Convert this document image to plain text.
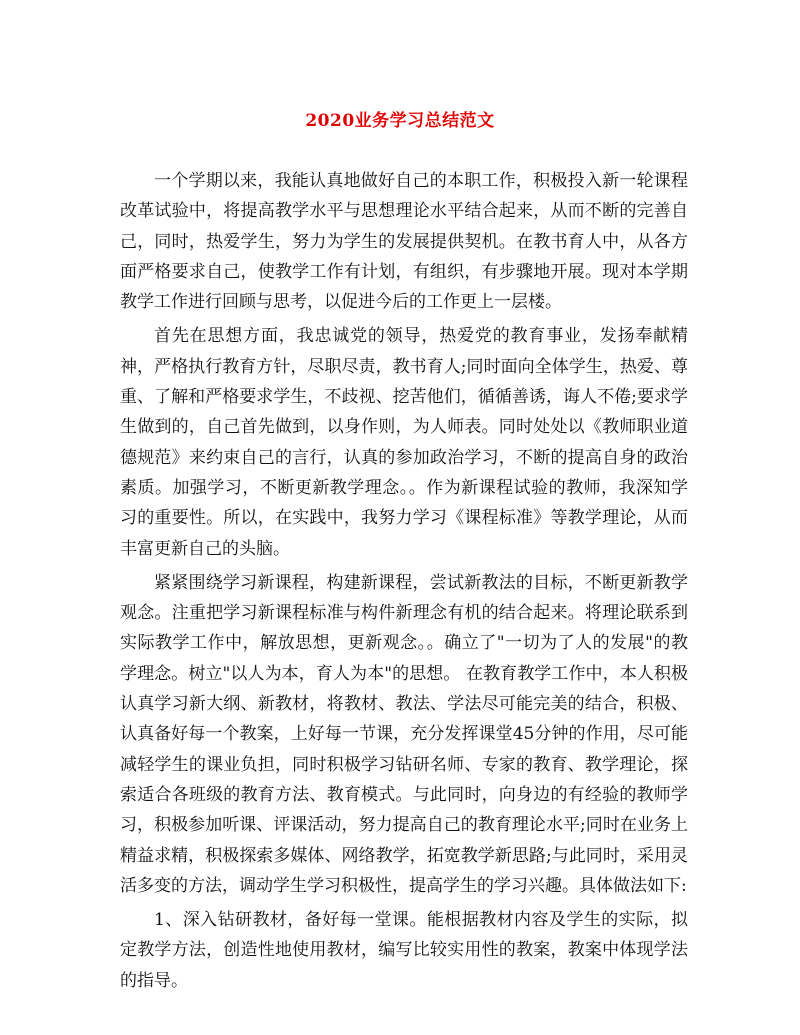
2020业务学习总结范文

一个学期以来，我能认真地做好自己的本职工作，积极投入新一轮课程改革试验中，将提高教学水平与思想理论水平结合起来，从而不断的完善自己，同时，热爱学生，努力为学生的发展提供契机。在教书育人中，从各方面严格要求自己，使教学工作有计划，有组织，有步骤地开展。现对本学期教学工作进行回顾与思考，以促进今后的工作更上一层楼。

首先在思想方面，我忠诚党的领导，热爱党的教育事业，发扬奉献精神，严格执行教育方针，尽职尽责，教书育人;同时面向全体学生，热爱、尊重、了解和严格要求学生，不歧视、挖苦他们，循循善诱，诲人不倦;要求学生做到的，自己首先做到，以身作则，为人师表。同时处处以《教师职业道德规范》来约束自己的言行，认真的参加政治学习，不断的提高自身的政治素质。加强学习，不断更新教学理念。。作为新课程试验的教师，我深知学习的重要性。所以，在实践中，我努力学习《课程标准》等教学理论，从而丰富更新自己的头脑。

紧紧围绕学习新课程，构建新课程，尝试新教法的目标，不断更新教学观念。注重把学习新课程标准与构件新理念有机的结合起来。将理论联系到实际教学工作中，解放思想，更新观念。。确立了"一切为了人的发展"的教学理念。树立"以人为本，育人为本"的思想。 在教育教学工作中，本人积极认真学习新大纲、新教材，将教材、教法、学法尽可能完美的结合，积极、认真备好每一个教案，上好每一节课，充分发挥课堂45分钟的作用，尽可能减轻学生的课业负担，同时积极学习钻研名师、专家的教育、教学理论，探索适合各班级的教育方法、教育模式。与此同时，向身边的有经验的教师学习，积极参加听课、评课活动，努力提高自己的教育理论水平;同时在业务上精益求精，积极探索多媒体、网络教学，拓宽教学新思路;与此同时，采用灵活多变的方法，调动学生学习积极性，提高学生的学习兴趣。具体做法如下:

1、深入钻研教材，备好每一堂课。能根据教材内容及学生的实际，拟定教学方法，创造性地使用教材，编写比较实用性的教案，教案中体现学法的指导。
